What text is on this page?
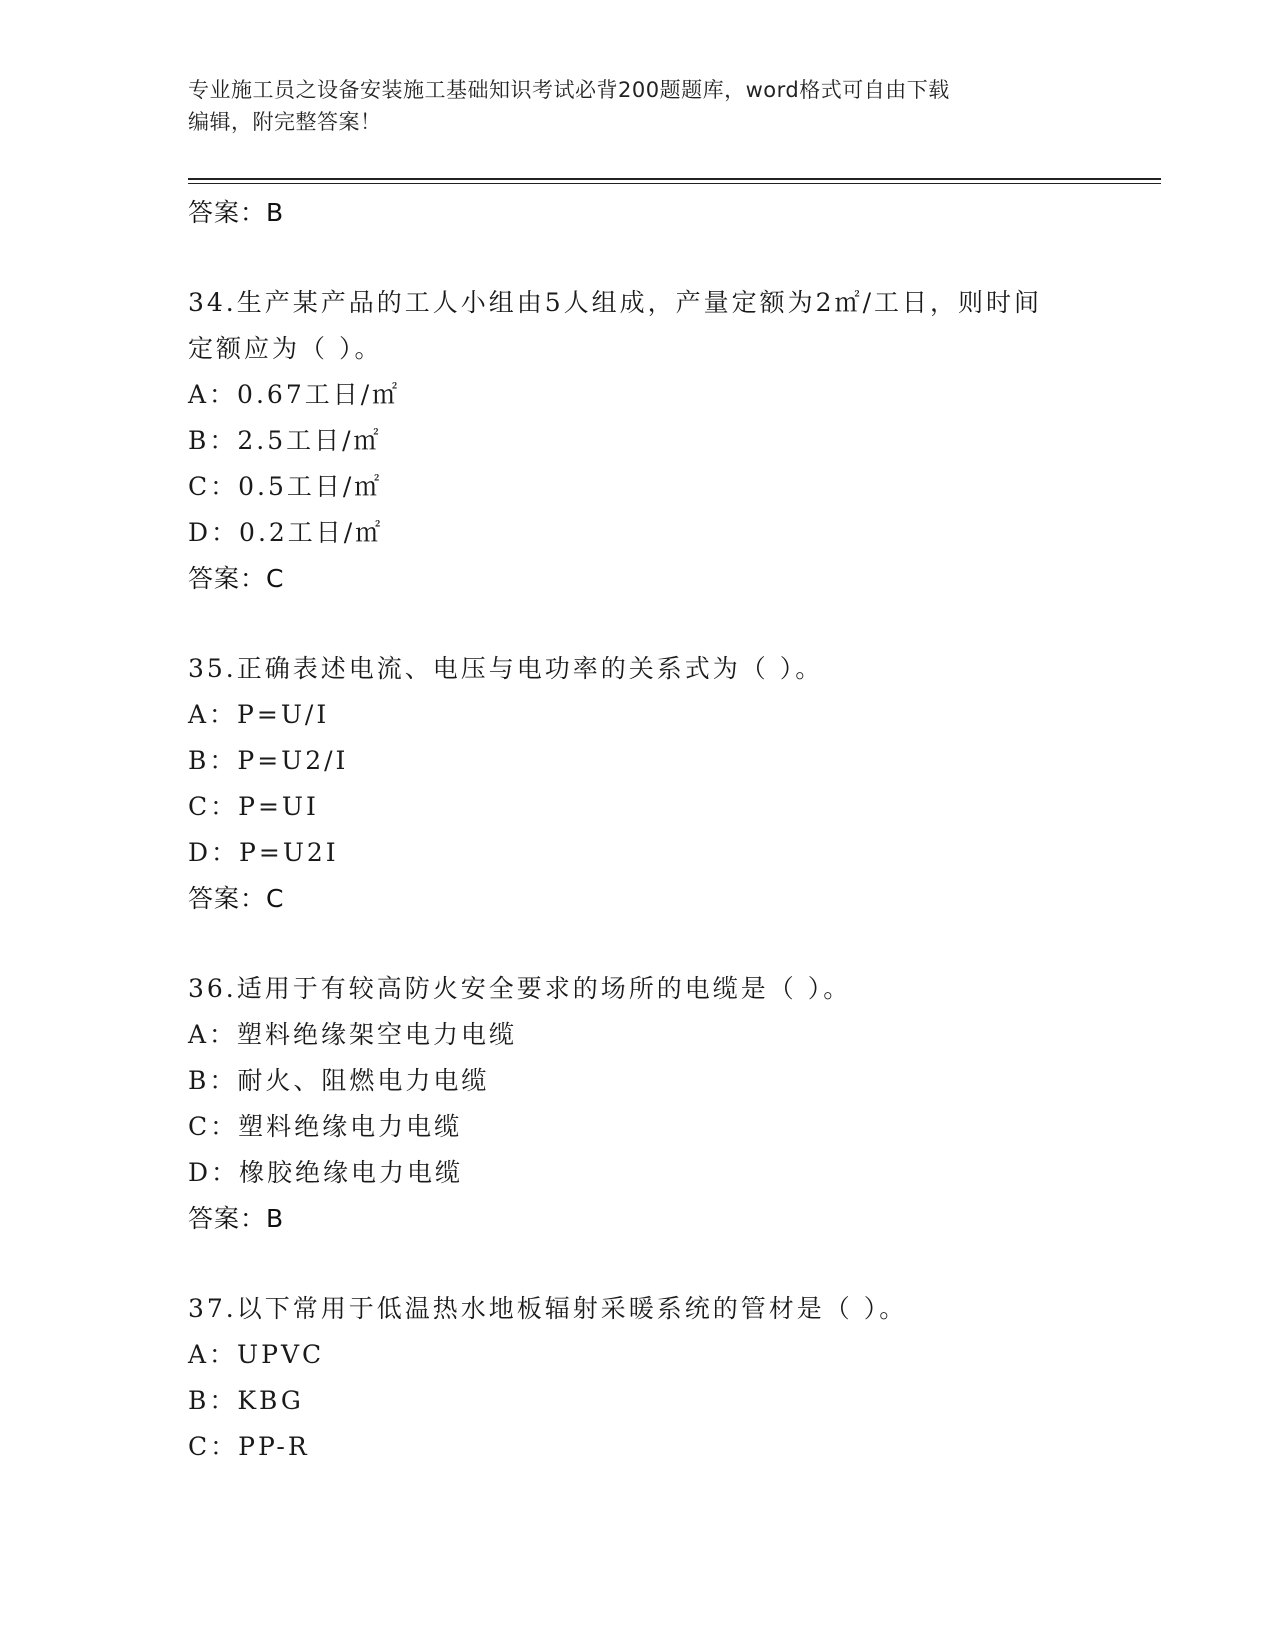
专业施工员之设备安装施工基础知识考试必背200题题库，word格式可自由下载
编辑，附完整答案！
答案：B
34.生产某产品的工人小组由5人组成，产量定额为2㎡/工日，则时间
定额应为（ ）。
A：0.67工日/㎡
B：2.5工日/㎡
C：0.5工日/㎡
D：0.2工日/㎡
答案：C
35.正确表述电流、电压与电功率的关系式为（ ）。
A：P=U/I
B：P=U2/I
C：P=UI
D：P=U2I
答案：C
36.适用于有较高防火安全要求的场所的电缆是（ ）。
A：塑料绝缘架空电力电缆
B：耐火、阻燃电力电缆
C：塑料绝缘电力电缆
D：橡胶绝缘电力电缆
答案：B
37.以下常用于低温热水地板辐射采暖系统的管材是（ ）。
A：UPVC
B：KBG
C：PP-R
